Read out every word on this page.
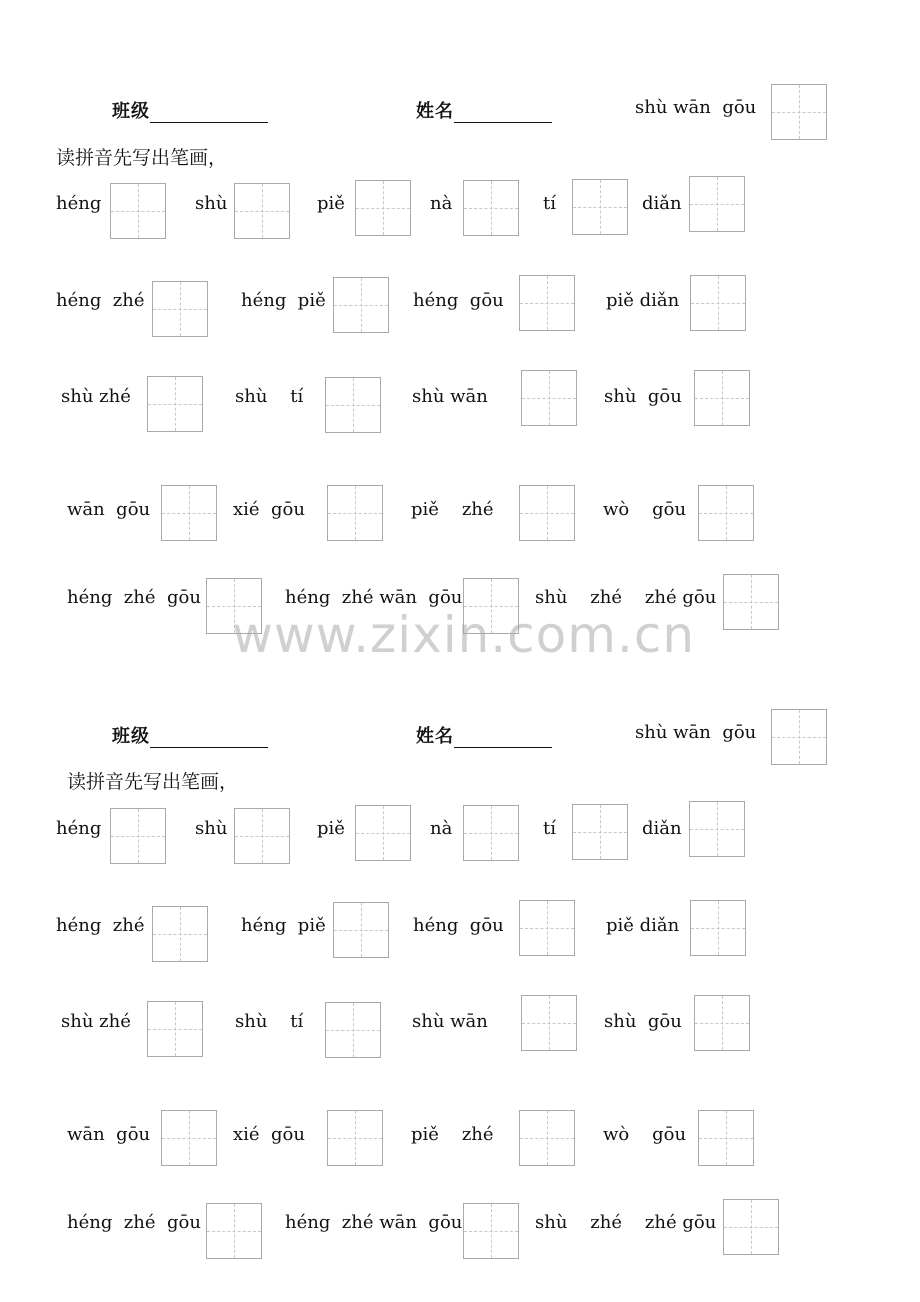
班级	姓名	shù wān  gōu
读拼音先写出笔画，
héng	shù	piě	nà	tí	diǎn
héng  zhé	héng  piě	héng  gōu	piě diǎn
shù zhé	shù    tí	shù wān	shù  gōu
wān  gōu	xié  gōu	piě    zhé	wò    gōu
héng  zhé  gōu	héng  zhé wān  gōu	shù    zhé    zhé gōu
班级	姓名	shù wān  gōu
读拼音先写出笔画，
héng	shù	piě	nà	tí	diǎn
héng  zhé	héng  piě	héng  gōu	piě diǎn
shù zhé	shù    tí	shù wān	shù  gōu
wān  gōu	xié  gōu	piě    zhé	wò    gōu
héng  zhé  gōu	héng  zhé wān  gōu	shù    zhé    zhé gōu
www.zixin.com.cn
